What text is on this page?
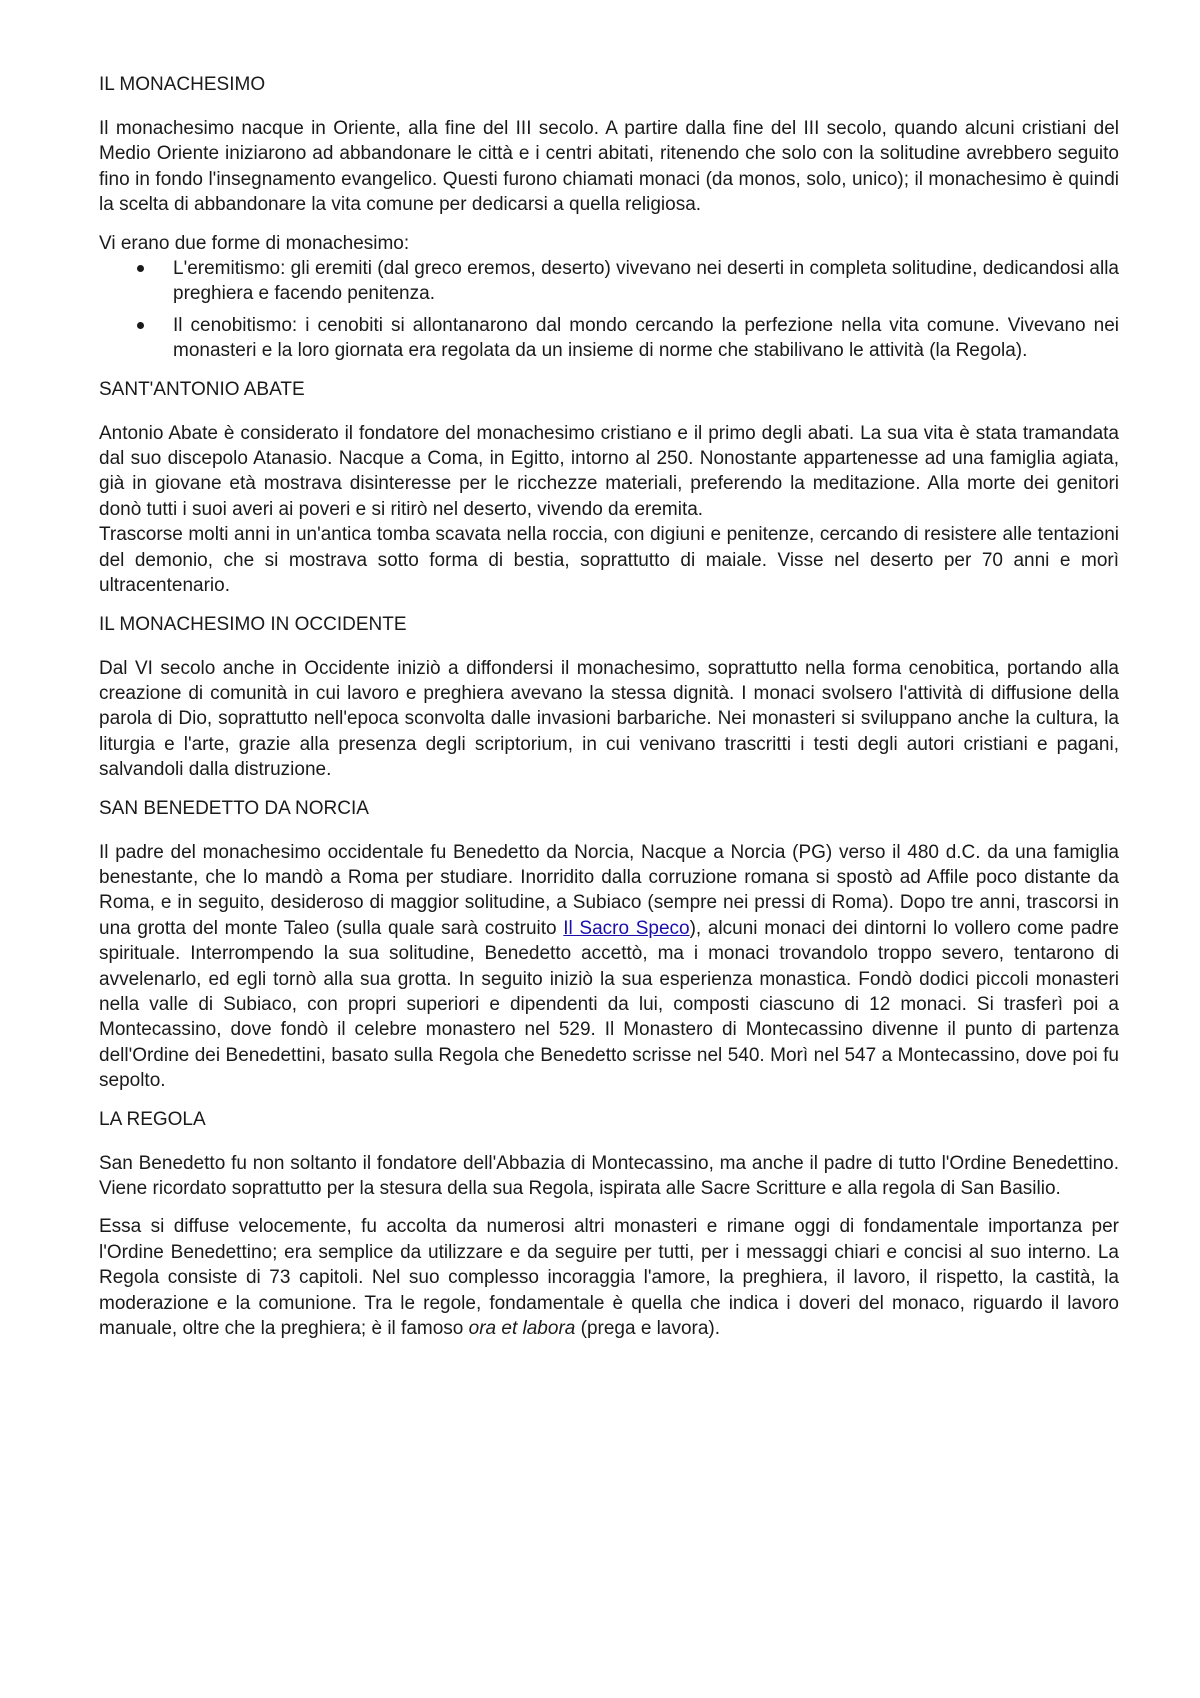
IL MONACHESIMO

Il monachesimo nacque in Oriente, alla fine del III secolo. A partire dalla fine del III secolo, quando alcuni cristiani del Medio Oriente iniziarono ad abbandonare le città e i centri abitati, ritenendo che solo con la solitudine avrebbero seguito fino in fondo l'insegnamento evangelico. Questi furono chiamati monaci (da monos, solo, unico); il monachesimo è quindi la scelta di abbandonare la vita comune per dedicarsi a quella religiosa.

Vi erano due forme di monachesimo:

L'eremitismo: gli eremiti (dal greco eremos, deserto) vivevano nei deserti in completa solitudine, dedicandosi alla preghiera e facendo penitenza.
Il cenobitismo: i cenobiti si allontanarono dal mondo cercando la perfezione nella vita comune. Vivevano nei monasteri e la loro giornata era regolata da un insieme di norme che stabilivano le attività (la Regola).
SANT'ANTONIO ABATE

Antonio Abate è considerato il fondatore del monachesimo cristiano e il primo degli abati. La sua vita è stata tramandata dal suo discepolo Atanasio. Nacque a Coma, in Egitto, intorno al 250. Nonostante appartenesse ad una famiglia agiata, già in giovane età mostrava disinteresse per le ricchezze materiali, preferendo la meditazione. Alla morte dei genitori donò tutti i suoi averi ai poveri e si ritirò nel deserto, vivendo da eremita.

Trascorse molti anni in un'antica tomba scavata nella roccia, con digiuni e penitenze, cercando di resistere alle tentazioni del demonio, che si mostrava sotto forma di bestia, soprattutto di maiale. Visse nel deserto per 70 anni e morì ultracentenario.

IL MONACHESIMO IN OCCIDENTE

Dal VI secolo anche in Occidente iniziò a diffondersi il monachesimo, soprattutto nella forma cenobitica, portando alla creazione di comunità in cui lavoro e preghiera avevano la stessa dignità. I monaci svolsero l'attività di diffusione della parola di Dio, soprattutto nell'epoca sconvolta dalle invasioni barbariche. Nei monasteri si sviluppano anche la cultura, la liturgia e l'arte, grazie alla presenza degli scriptorium, in cui venivano trascritti i testi degli autori cristiani e pagani, salvandoli dalla distruzione.

SAN BENEDETTO DA NORCIA

Il padre del monachesimo occidentale fu Benedetto da Norcia, Nacque a Norcia (PG) verso il 480 d.C. da una famiglia benestante, che lo mandò a Roma per studiare. Inorridito dalla corruzione romana si spostò ad Affile poco distante da Roma, e in seguito, desideroso di maggior solitudine, a Subiaco (sempre nei pressi di Roma). Dopo tre anni, trascorsi in una grotta del monte Taleo (sulla quale sarà costruito Il Sacro Speco), alcuni monaci dei dintorni lo vollero come padre spirituale. Interrompendo la sua solitudine, Benedetto accettò, ma i monaci trovandolo troppo severo, tentarono di avvelenarlo, ed egli tornò alla sua grotta. In seguito iniziò la sua esperienza monastica. Fondò dodici piccoli monasteri nella valle di Subiaco, con propri superiori e dipendenti da lui, composti ciascuno di 12 monaci. Si trasferì poi a Montecassino, dove fondò il celebre monastero nel 529. Il Monastero di Montecassino divenne il punto di partenza dell'Ordine dei Benedettini, basato sulla Regola che Benedetto scrisse nel 540. Morì nel 547 a Montecassino, dove poi fu sepolto.

LA REGOLA

San Benedetto fu non soltanto il fondatore dell'Abbazia di Montecassino, ma anche il padre di tutto l'Ordine Benedettino. Viene ricordato soprattutto per la stesura della sua Regola, ispirata alle Sacre Scritture e alla regola di San Basilio.

Essa si diffuse velocemente, fu accolta da numerosi altri monasteri e rimane oggi di fondamentale importanza per l'Ordine Benedettino; era semplice da utilizzare e da seguire per tutti, per i messaggi chiari e concisi al suo interno. La Regola consiste di 73 capitoli. Nel suo complesso incoraggia l'amore, la preghiera, il lavoro, il rispetto, la castità, la moderazione e la comunione. Tra le regole, fondamentale è quella che indica i doveri del monaco, riguardo il lavoro manuale, oltre che la preghiera; è il famoso ora et labora (prega e lavora).
